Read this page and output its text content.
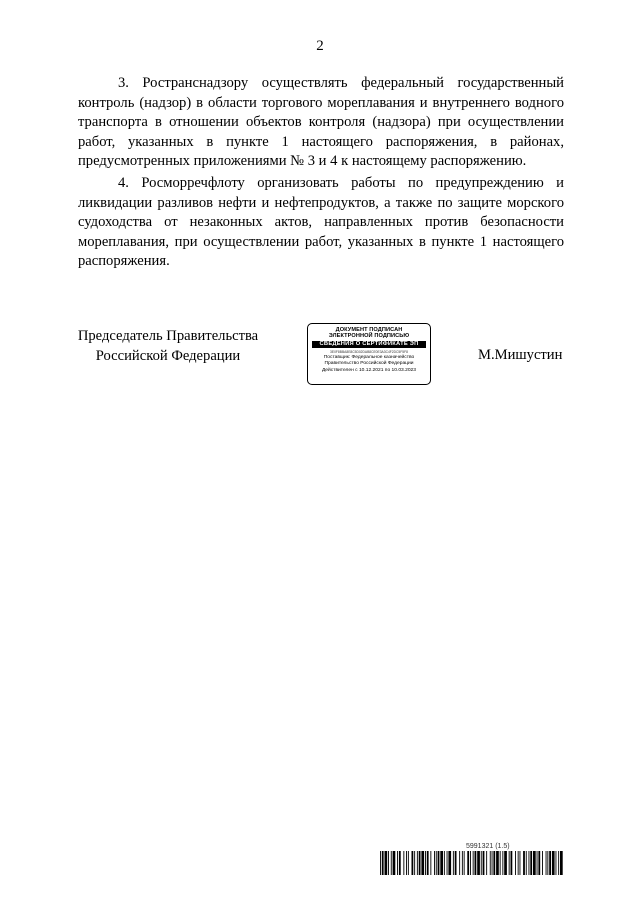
2

3. Ространснадзору осуществлять федеральный государственный контроль (надзор) в области торгового мореплавания и внутреннего водного транспорта в отношении объектов контроля (надзора) при осуществлении работ, указанных в пункте 1 настоящего распоряжения, в районах, предусмотренных приложениями № 3 и 4 к настоящему распоряжению.

4. Росморречфлоту организовать работы по предупреждению и ликвидации разливов нефти и нефтепродуктов, а также по защите морского судоходства от незаконных актов, направленных против безопасности мореплавания, при осуществлении работ, указанных в пункте 1 настоящего распоряжения.

Председатель Правительства
Российской Федерации
ДОКУМЕНТ ПОДПИСАН
ЭЛЕКТРОННОЙ ПОДПИСЬЮ
СВЕДЕНИЯ О СЕРТИФИКАТЕ ЭП
3E0F8BBA8E8C5D02DAB8CE0E3A3C4F2DC5F5F8
Поставщик: Федеральное казначейство
Правительство Российской Федерации
Действителен с 10.12.2021 по 10.03.2023
М.Мишустин
5991321 (1.5)
